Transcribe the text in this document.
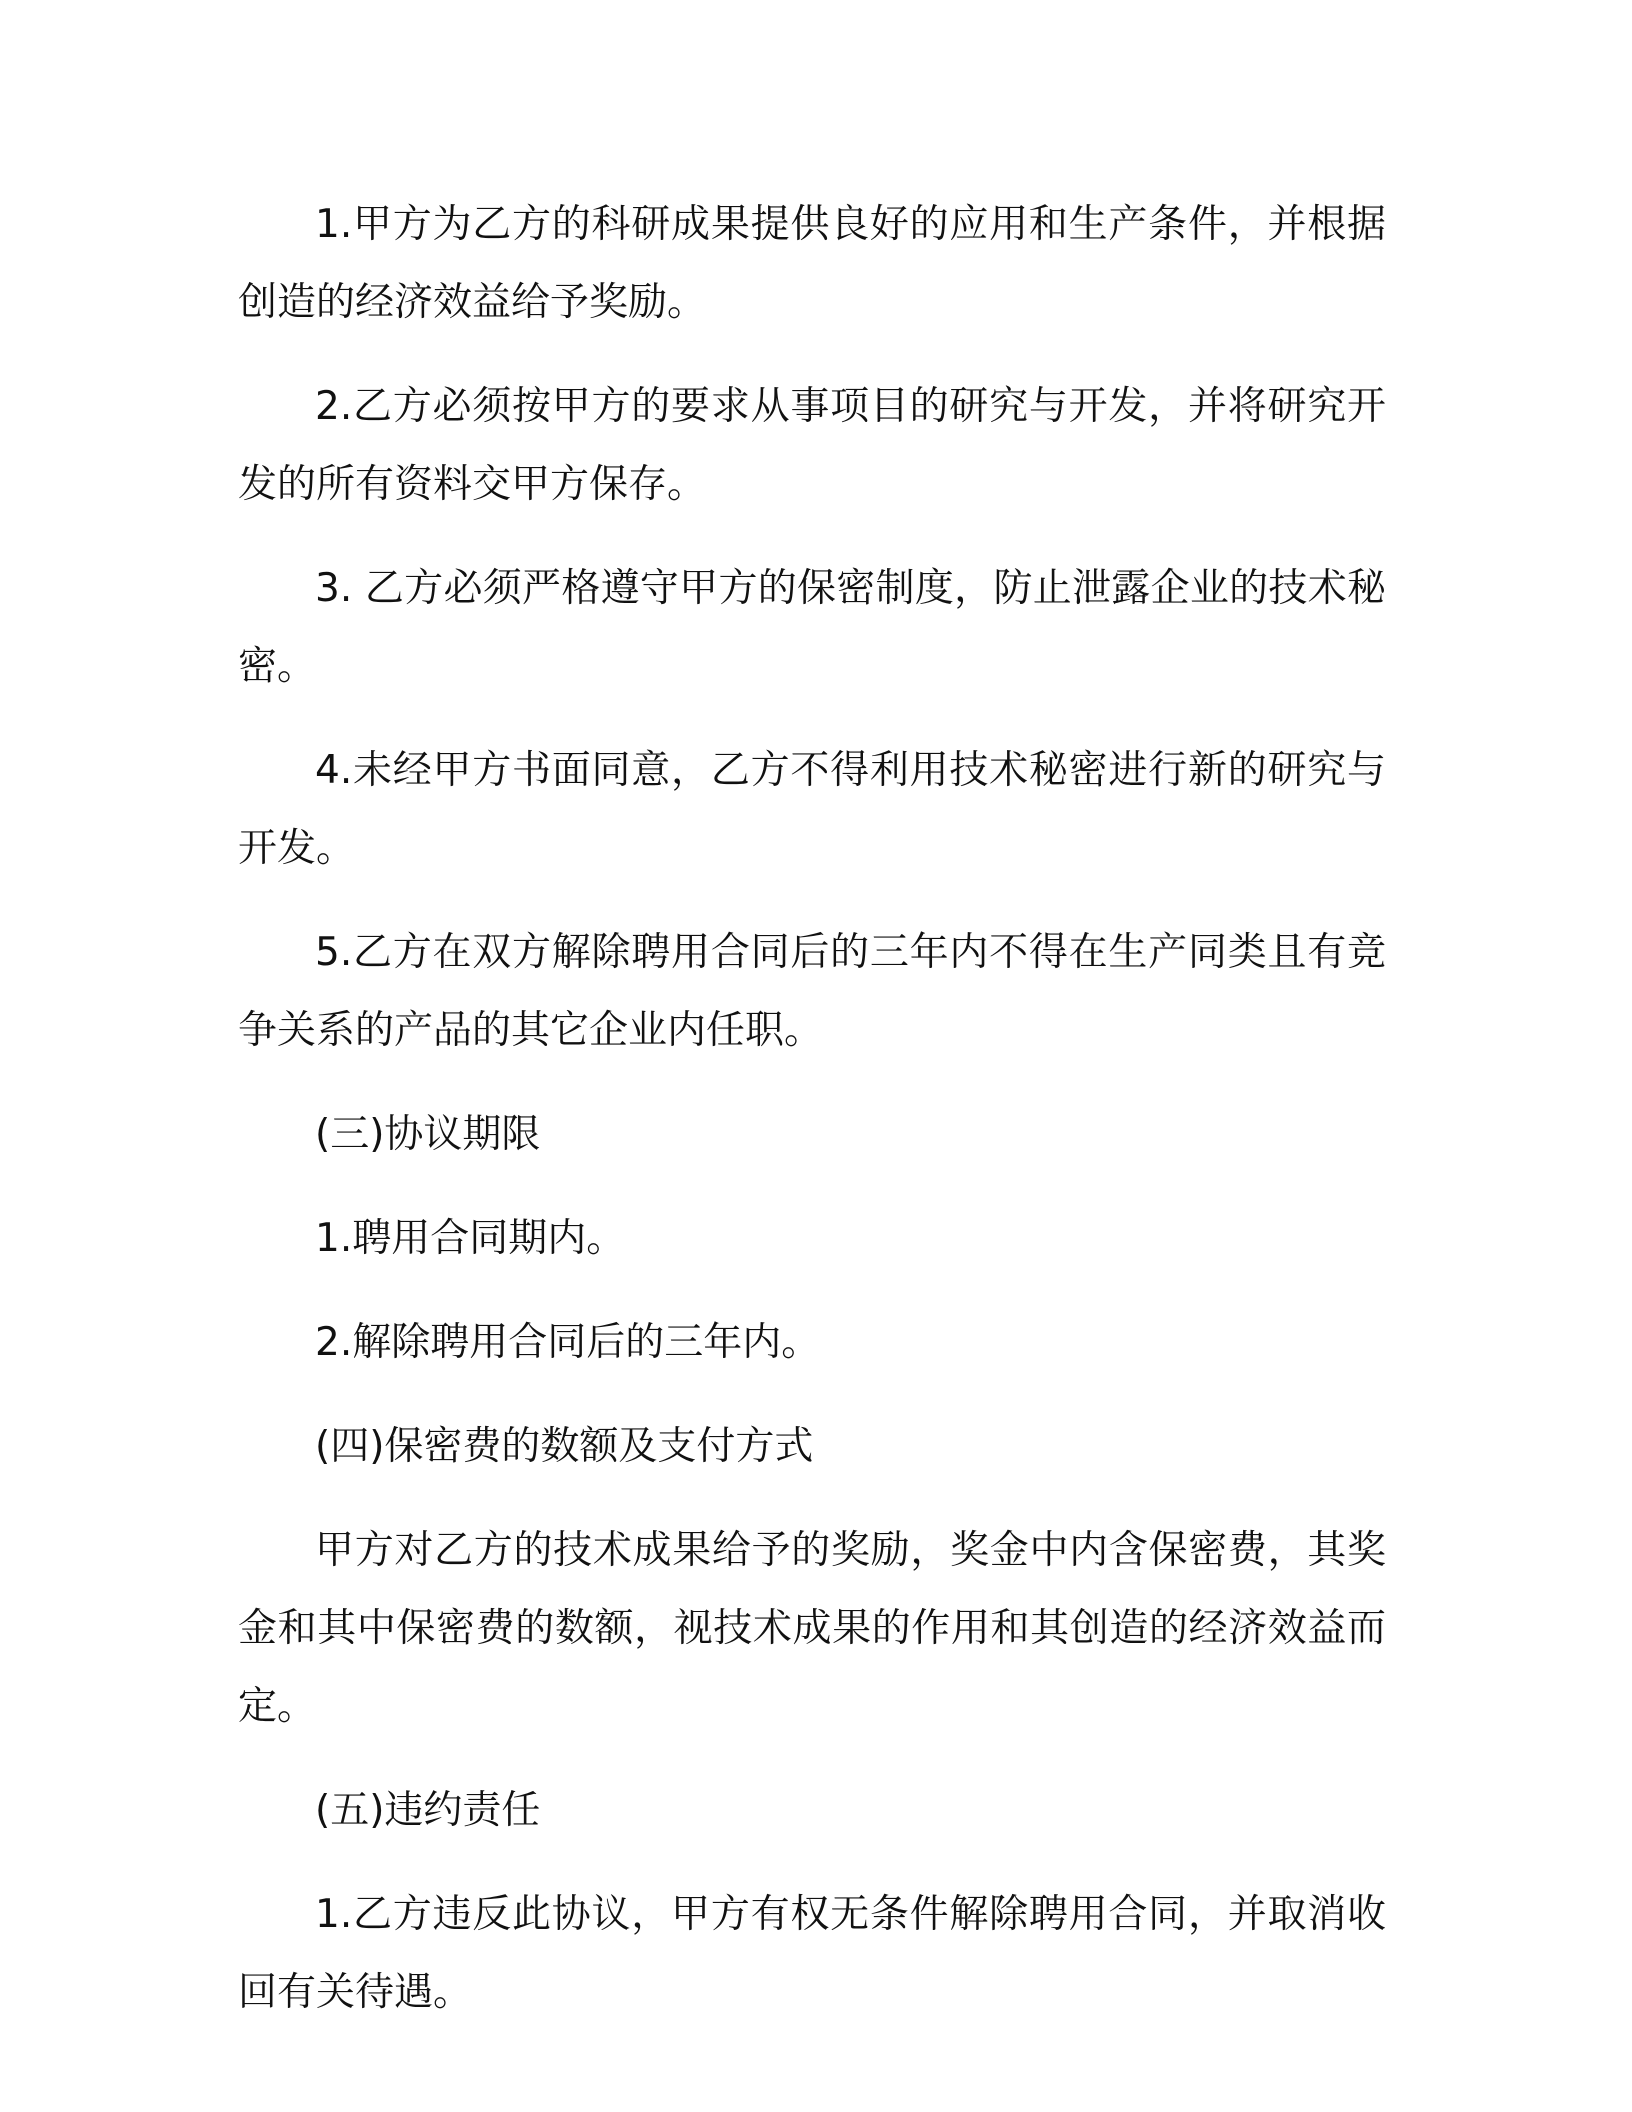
1.甲方为乙方的科研成果提供良好的应用和生产条件，并根据创造的经济效益给予奖励。

2.乙方必须按甲方的要求从事项目的研究与开发，并将研究开发的所有资料交甲方保存。

3. 乙方必须严格遵守甲方的保密制度，防止泄露企业的技术秘密。

4.未经甲方书面同意，乙方不得利用技术秘密进行新的研究与开发。

5.乙方在双方解除聘用合同后的三年内不得在生产同类且有竞争关系的产品的其它企业内任职。

(三)协议期限

1.聘用合同期内。

2.解除聘用合同后的三年内。

(四)保密费的数额及支付方式

甲方对乙方的技术成果给予的奖励，奖金中内含保密费，其奖金和其中保密费的数额，视技术成果的作用和其创造的经济效益而定。

(五)违约责任

1.乙方违反此协议，甲方有权无条件解除聘用合同，并取消收回有关待遇。
